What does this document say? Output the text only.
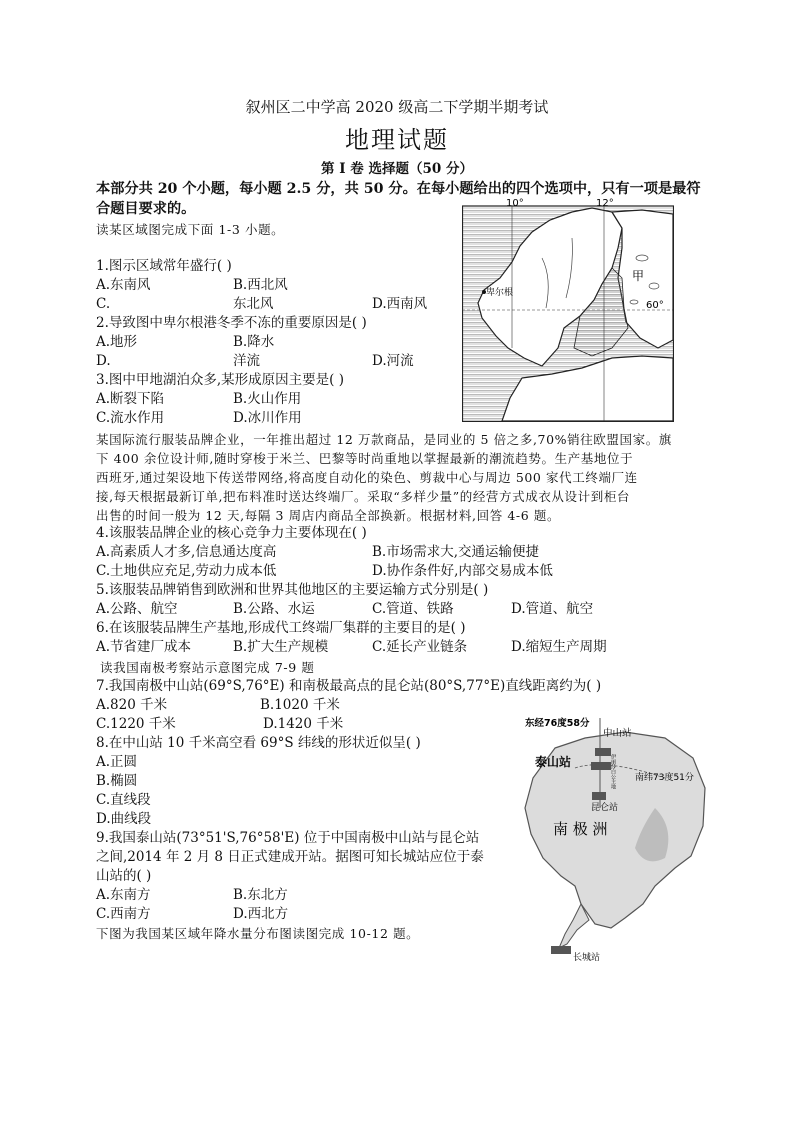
叙州区二中学高 2020 级高二下学期半期考试
地理试题
第 I 卷 选择题（50 分）
本部分共 20 个小题，每小题 2.5 分，共 50 分。在每小题给出的四个选项中，只有一项是最符
合题目要求的。	10°	12°
60°
卑尔根
甲
读某区域图完成下面 1-3 小题。
1.图示区域常年盛行( )
A.东南风	B.西北风
C.	东北风	D.西南风
2.导致图中卑尔根港冬季不冻的重要原因是( )
A.地形	B.降水
D.	洋流	D.河流
3.图中甲地湖泊众多,某形成原因主要是( )
A.断裂下陷	B.火山作用
C.流水作用	D.冰川作用
某国际流行服装品牌企业，一年推出超过 12 万款商品，是同业的 5 倍之多,70%销往欧盟国家。旗
下 400 余位设计师,随时穿梭于米兰、巴黎等时尚重地以掌握最新的潮流趋势。生产基地位于
西班牙,通过架设地下传送带网络,将高度自动化的染色、剪裁中心与周边 500 家代工终端厂连
接,每天根据最新订单,把布料准时送达终端厂。采取“多样少量”的经营方式成衣从设计到柜台
出售的时间一般为 12 天,每隔 3 周店内商品全部换新。根据材料,回答 4-6 题。
4.该服装品牌企业的核心竞争力主要体现在( )
A.高素质人才多,信息通达度高	B.市场需求大,交通运输便捷
C.土地供应充足,劳动力成本低	D.协作条件好,内部交易成本低
5.该服装品牌销售到欧洲和世界其他地区的主要运输方式分别是( )
A.公路、航空	B.公路、水运	C.管道、铁路	D.管道、航空
6.在该服装品牌生产基地,形成代工终端厂集群的主要目的是( )
A.节省建厂成本	B.扩大生产规模	C.延长产业链条	D.缩短生产周期
读我国南极考察站示意图完成 7-9 题
7.我国南极中山站(69°S,76°E) 和南极最高点的昆仑站(80°S,77°E)直线距离约为( )
A.820 千米	B.1020 千米
C.1220 千米	D.1420 千米
8.在中山站 10 千米高空看 69°S 纬线的形状近似呈( )
A.正圆
B.椭圆
C.直线段
D.曲线段
9.我国泰山站(73°51'S,76°58'E) 位于中国南极中山站与昆仑站
之间,2014 年 2 月 8 日正式建成开站。据图可知长城站应位于泰
山站的( )
A.东南方	B.东北方
C.西南方	D.西北方
下图为我国某区域年降水量分布图读图完成 10-12 题。
东经76度58分
中山站
泰山站
南纬73度51分
昆仑站
南 极 洲
长城站
伊丽莎白公主地
